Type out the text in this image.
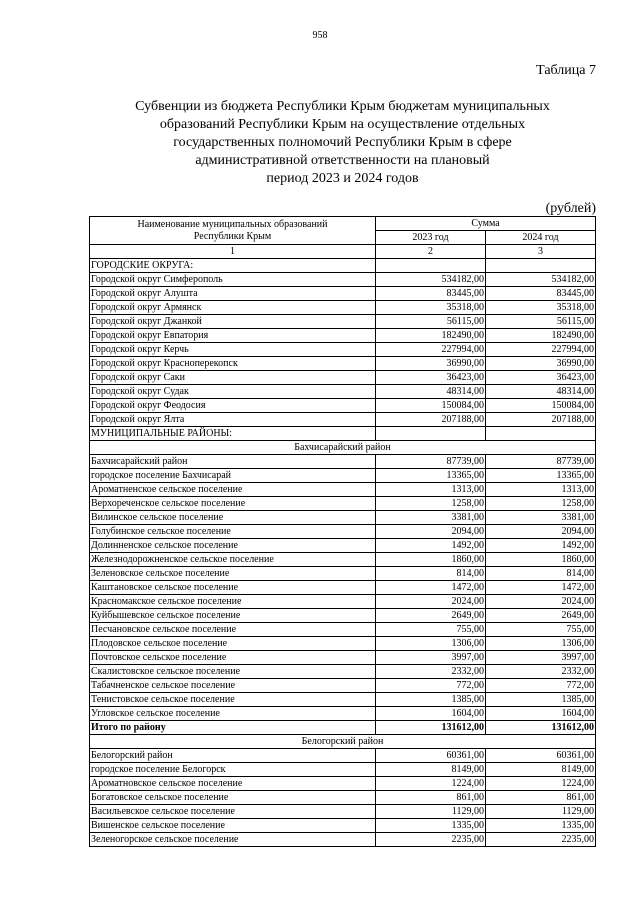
958
Таблица 7
Субвенции из бюджета Республики Крым бюджетам муниципальных
образований Республики Крым на осуществление отдельных
государственных полномочий Республики Крым в сфере
административной ответственности на плановый
период 2023 и 2024 годов
(рублей)
Наименование муниципальных образований
Республики Крым	Сумма	
	2023 год	2024 год
1	2	3
ГОРОДСКИЕ ОКРУГА:		
Городской округ Симферополь	534182,00	534182,00
Городской округ Алушта	83445,00	83445,00
Городской округ Армянск	35318,00	35318,00
Городской округ Джанкой	56115,00	56115,00
Городской округ Евпатория	182490,00	182490,00
Городской округ Керчь	227994,00	227994,00
Городской округ Красноперекопск	36990,00	36990,00
Городской округ Саки	36423,00	36423,00
Городской округ Судак	48314,00	48314,00
Городской округ Феодосия	150084,00	150084,00
Городской округ Ялта	207188,00	207188,00
МУНИЦИПАЛЬНЫЕ РАЙОНЫ:		
Бахчисарайский район		
Бахчисарайский район	87739,00	87739,00
городское поселение Бахчисарай	13365,00	13365,00
Ароматненское сельское поселение	1313,00	1313,00
Верхореченское сельское поселение	1258,00	1258,00
Вилинское сельское поселение	3381,00	3381,00
Голубинское сельское поселение	2094,00	2094,00
Долинненское сельское поселение	1492,00	1492,00
Железнодорожненское сельское поселение	1860,00	1860,00
Зеленовское сельское поселение	814,00	814,00
Каштановское сельское поселение	1472,00	1472,00
Красномакское сельское поселение	2024,00	2024,00
Куйбышевское сельское поселение	2649,00	2649,00
Песчановское сельское поселение	755,00	755,00
Плодовское сельское поселение	1306,00	1306,00
Почтовское сельское поселение	3997,00	3997,00
Скалистовское сельское поселение	2332,00	2332,00
Табачненское сельское поселение	772,00	772,00
Тенистовское сельское поселение	1385,00	1385,00
Угловское сельское поселение	1604,00	1604,00
Итого по району	131612,00	131612,00
Белогорский район		
Белогорский район	60361,00	60361,00
городское поселение Белогорск	8149,00	8149,00
Ароматновское сельское поселение	1224,00	1224,00
Богатовское сельское поселение	861,00	861,00
Васильевское сельское поселение	1129,00	1129,00
Вишенское сельское поселение	1335,00	1335,00
Зеленогорское сельское поселение	2235,00	2235,00
